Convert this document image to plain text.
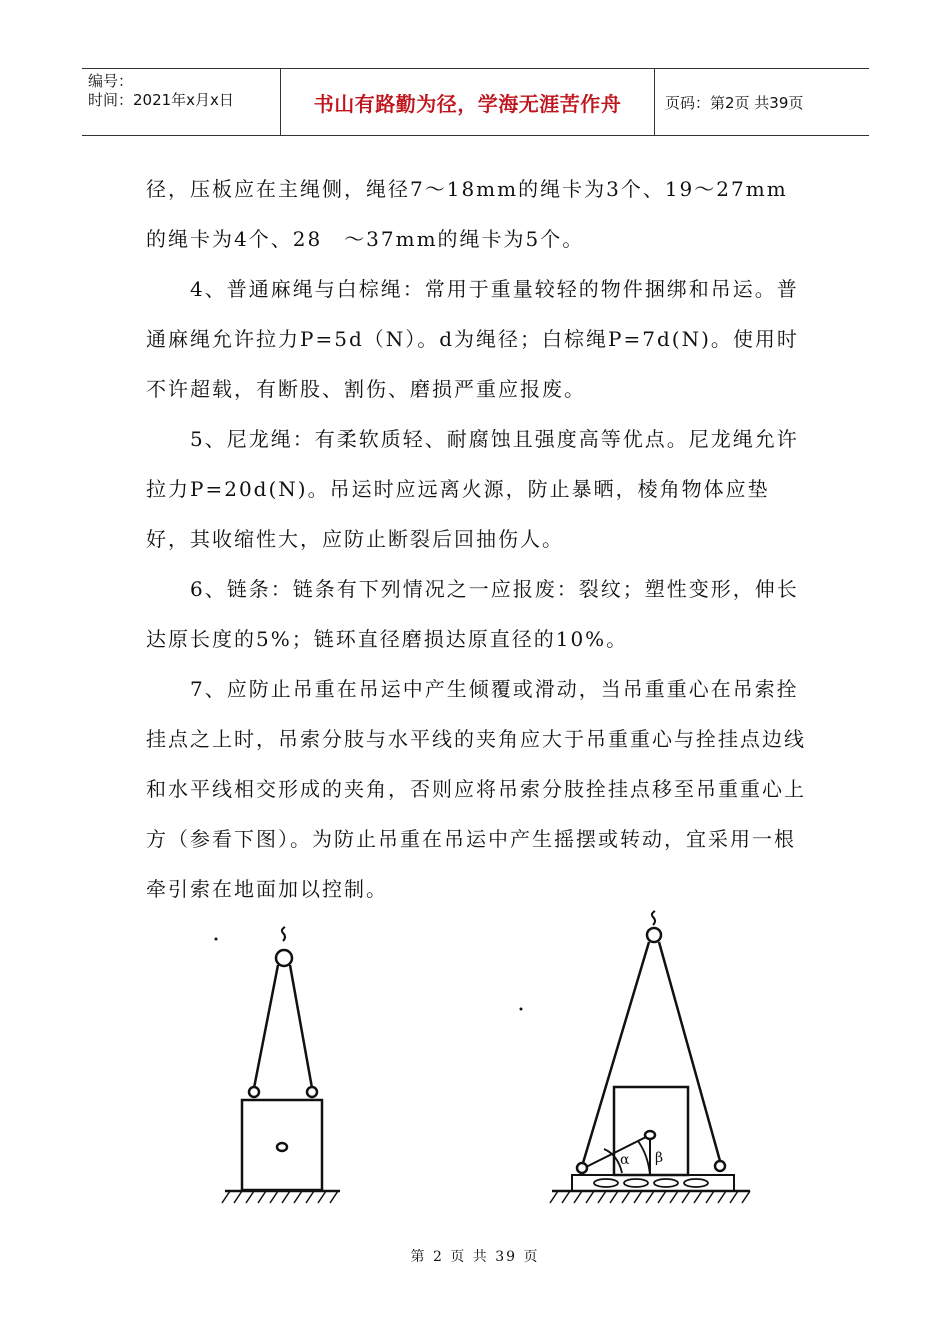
编号：
时间：2021年x月x日	书山有路勤为径，学海无涯苦作舟	页码：第2页 共39页

径，压板应在主绳侧，绳径7～18mm的绳卡为3个、19～27mm的绳卡为4个、28　～37mm的绳卡为5个。

4、普通麻绳与白棕绳：常用于重量较轻的物件捆绑和吊运。普通麻绳允许拉力P=5d（N）。d为绳径；白棕绳P=7d(N)。使用时不许超载，有断股、割伤、磨损严重应报废。

5、尼龙绳：有柔软质轻、耐腐蚀且强度高等优点。尼龙绳允许拉力P=20d(N)。吊运时应远离火源，防止暴晒，棱角物体应垫好，其收缩性大，应防止断裂后回抽伤人。

6、链条：链条有下列情况之一应报废：裂纹；塑性变形，伸长达原长度的5%；链环直径磨损达原直径的10%。

7、应防止吊重在吊运中产生倾覆或滑动，当吊重重心在吊索拴挂点之上时，吊索分肢与水平线的夹角应大于吊重重心与拴挂点边线和水平线相交形成的夹角，否则应将吊索分肢拴挂点移至吊重重心上方（参看下图）。为防止吊重在吊运中产生摇摆或转动，宜采用一根牵引索在地面加以控制。

α β
第 2 页 共 39 页
